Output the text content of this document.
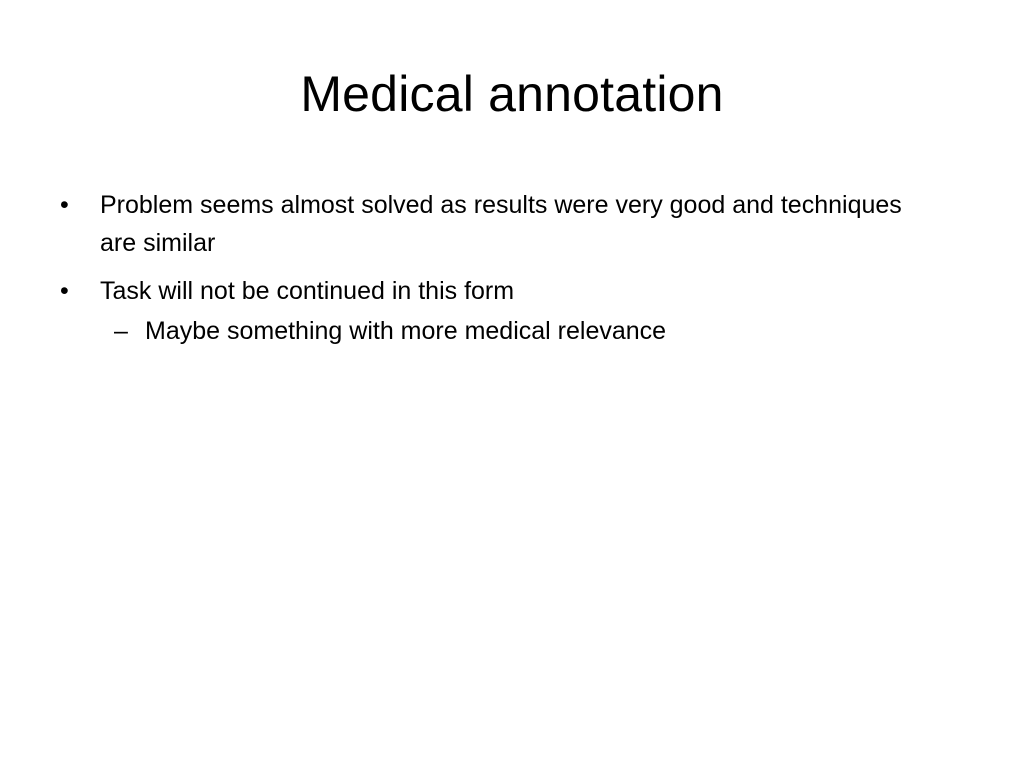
Medical annotation
•	Problem seems almost solved as results were very good and techniques are similar
•	Task will not be continued in this form
– Maybe something with more medical relevance
